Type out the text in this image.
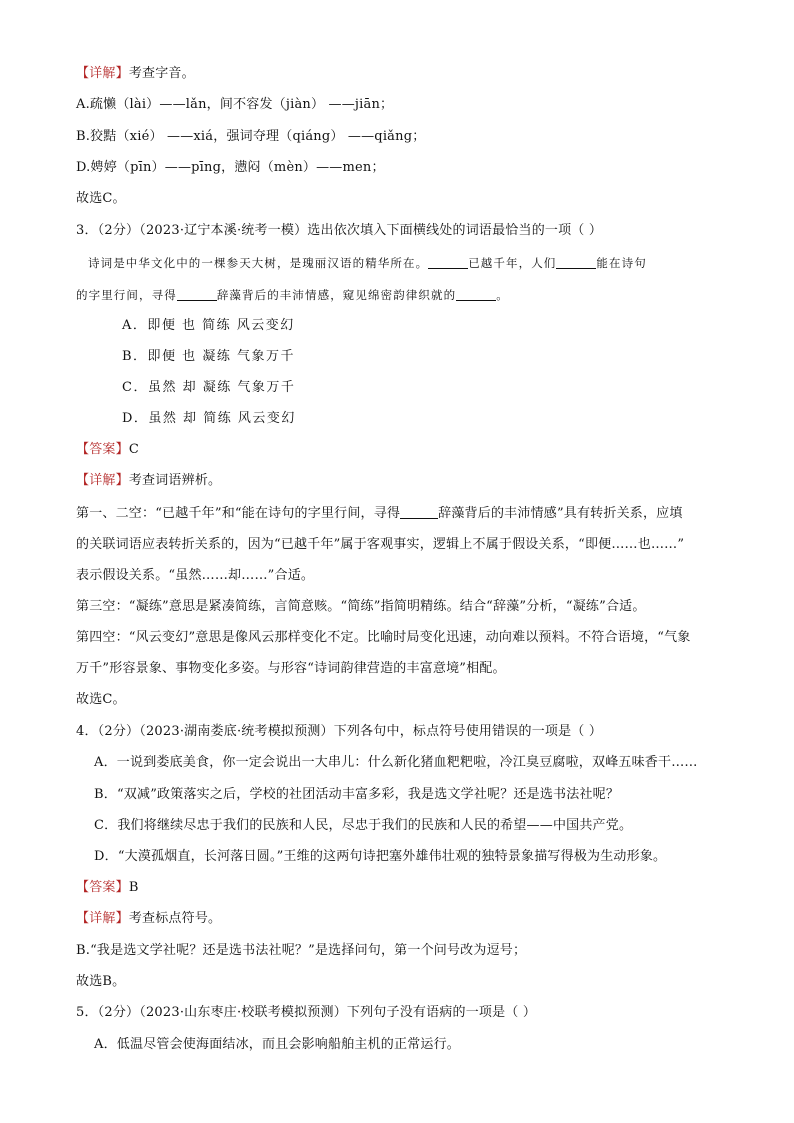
【详解】考查字音。
A.疏懒（lài）——lǎn，间不容发（jiàn） ——jiān；
B.狡黠（xié） ——xiá，强词夺理（qiáng） ——qiǎng；
D.娉婷（pīn）——pīng，懑闷（mèn）——men；
故选C。
3．（2分）（2023·辽宁本溪·统考一模）选出依次填入下面横线处的词语最恰当的一项（ ）
诗词是中华文化中的一棵参天大树，是瑰丽汉语的精华所在。	已越千年，人们	能在诗句
的字里行间，寻得	辞藻背后的丰沛情感，窥见绵密韵律织就的	。
A．即便 也 简练 风云变幻
B．即便 也 凝练 气象万千
C．虽然 却 凝练 气象万千
D．虽然 却 简练 风云变幻
【答案】C
【详解】考查词语辨析。
第一、二空：“已越千年”和“能在诗句的字里行间，寻得	辞藻背后的丰沛情感”具有转折关系，应填
的关联词语应表转折关系的，因为“已越千年”属于客观事实，逻辑上不属于假设关系，“即便……也……”
表示假设关系。“虽然……却……”合适。
第三空：“凝练”意思是紧凑简练，言简意赅。“简练”指简明精练。结合“辞藻”分析，“凝练”合适。
第四空：“风云变幻”意思是像风云那样变化不定。比喻时局变化迅速，动向难以预料。不符合语境，“气象
万千”形容景象、事物变化多姿。与形容“诗词韵律营造的丰富意境”相配。
故选C。
4．（2分）（2023·湖南娄底·统考模拟预测）下列各句中，标点符号使用错误的一项是（ ）
A．一说到娄底美食，你一定会说出一大串儿：什么新化猪血粑粑啦，冷江臭豆腐啦，双峰五味香干……
B．“双减”政策落实之后，学校的社团活动丰富多彩，我是选文学社呢？还是选书法社呢？
C．我们将继续尽忠于我们的民族和人民，尽忠于我们的民族和人民的希望——中国共产党。
D．“大漠孤烟直，长河落日圆。”王维的这两句诗把塞外雄伟壮观的独特景象描写得极为生动形象。
【答案】B
【详解】考查标点符号。
B.“我是选文学社呢？还是选书法社呢？”是选择问句，第一个问号改为逗号；
故选B。
5．（2分）（2023·山东枣庄·校联考模拟预测）下列句子没有语病的一项是（ ）
A．低温尽管会使海面结冰，而且会影响船舶主机的正常运行。
